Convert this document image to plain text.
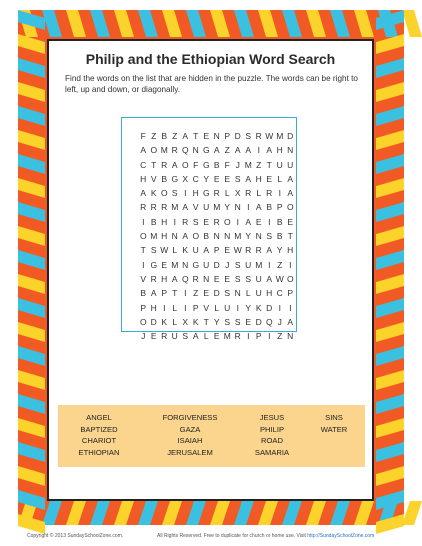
Philip and the Ethiopian Word Search
Find the words on the list that are hidden in the puzzle. The words can be right to left, up and down, or diagonally.
F Z B Z A T E N P D S R W M D
A O M R Q N G A Z A A I A H N
C T R A O F G B F J M Z T U U
H V B G X C Y E E S A H E L A
A K O S I H G R L X R L R I A
R R R M A V U M Y N I A B P O
I B H I R S E R O I A E I B E
O M H N A O B N N M Y N S B T
T S W L K U A P E W R R A Y H
I G E M N G U D J S U M I Z I
V R H A Q R N E E S S U A W O
B A P T I Z E D S N L U H C P
P H I L I P V L U I Y K D I I
O D K L X K T Y S S E D Q J A
J E R U S A L E M R I P I Z N
ANGEL
BAPTIZED
CHARIOT
ETHIOPIAN
FORGIVENESS
GAZA
ISAIAH
JERUSALEM
JESUS
PHILIP
ROAD
SAMARIA
SINS
WATER
Copyright © 2013 SundaySchoolZone.com.	All Rights Reserved. Free to duplicate for church or home use. Visit http://SundaySchoolZone.com
